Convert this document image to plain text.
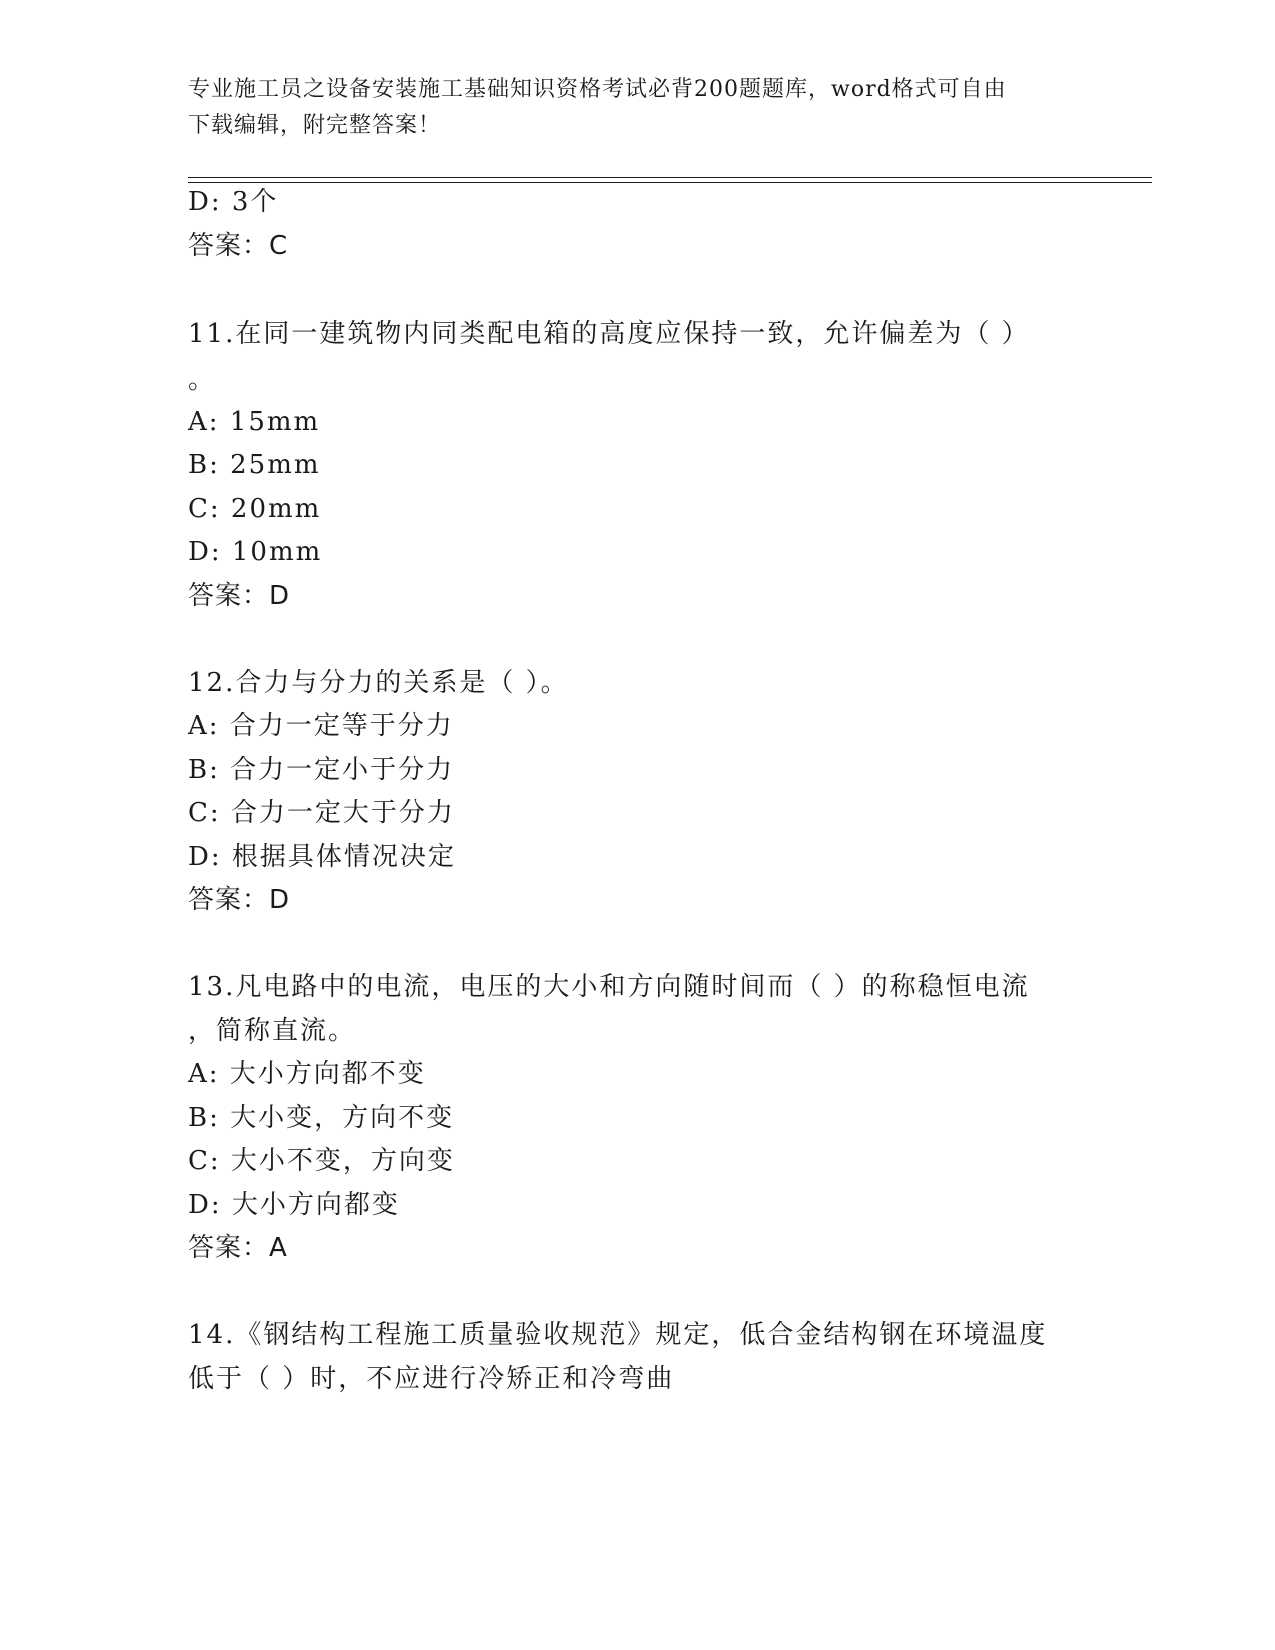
专业施工员之设备安装施工基础知识资格考试必背200题题库，word格式可自由
下载编辑，附完整答案！
D: 3个
答案：C
11.在同一建筑物内同类配电箱的高度应保持一致，允许偏差为（ ）
。
A: 15mm
B: 25mm
C: 20mm
D: 10mm
答案：D
12.合力与分力的关系是（ ）。
A: 合力一定等于分力
B: 合力一定小于分力
C: 合力一定大于分力
D: 根据具体情况决定
答案：D
13.凡电路中的电流，电压的大小和方向随时间而（ ）的称稳恒电流
，简称直流。
A: 大小方向都不变
B: 大小变，方向不变
C: 大小不变，方向变
D: 大小方向都变
答案：A
14.《钢结构工程施工质量验收规范》规定，低合金结构钢在环境温度
低于（ ）时，不应进行冷矫正和冷弯曲
